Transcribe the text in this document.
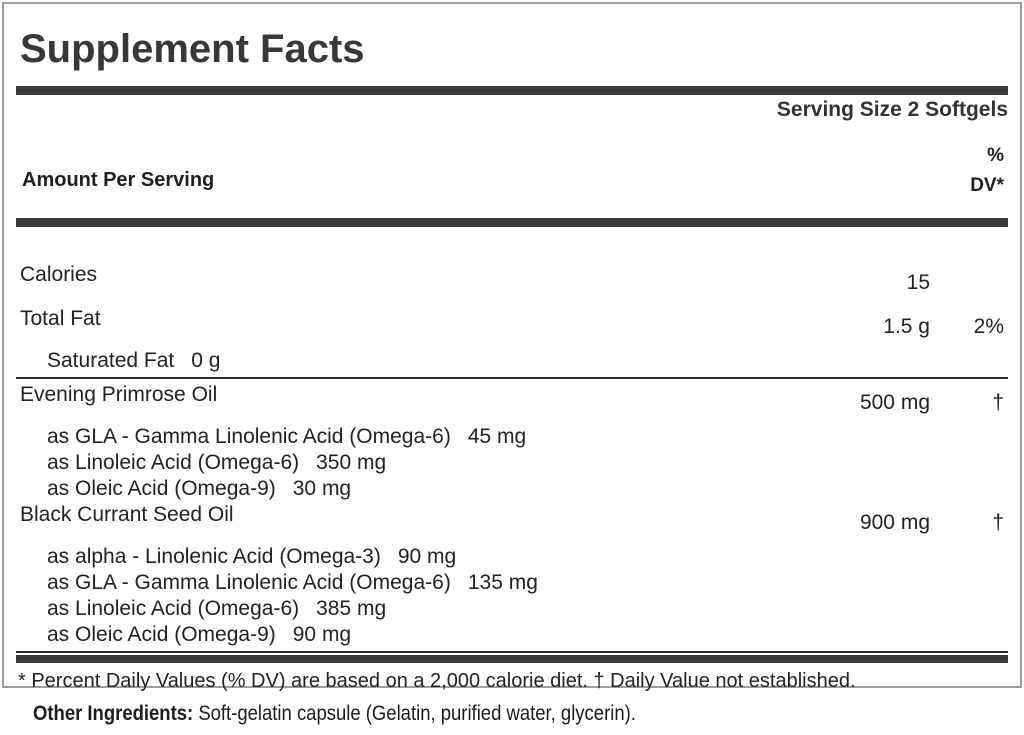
Supplement Facts
Serving Size 2 Softgels
Amount Per Serving
%
DV*
Calories	15
Total Fat	1.5 g	2%
Saturated Fat 0 g
Evening Primrose Oil	500 mg	†
as GLA - Gamma Linolenic Acid (Omega-6) 45 mg
as Linoleic Acid (Omega-6) 350 mg
as Oleic Acid (Omega-9) 30 mg
Black Currant Seed Oil	900 mg	†
as alpha - Linolenic Acid (Omega-3) 90 mg
as GLA - Gamma Linolenic Acid (Omega-6) 135 mg
as Linoleic Acid (Omega-6) 385 mg
as Oleic Acid (Omega-9) 90 mg
* Percent Daily Values (% DV) are based on a 2,000 calorie diet. † Daily Value not established.
Other Ingredients: Soft-gelatin capsule (Gelatin, purified water, glycerin).
